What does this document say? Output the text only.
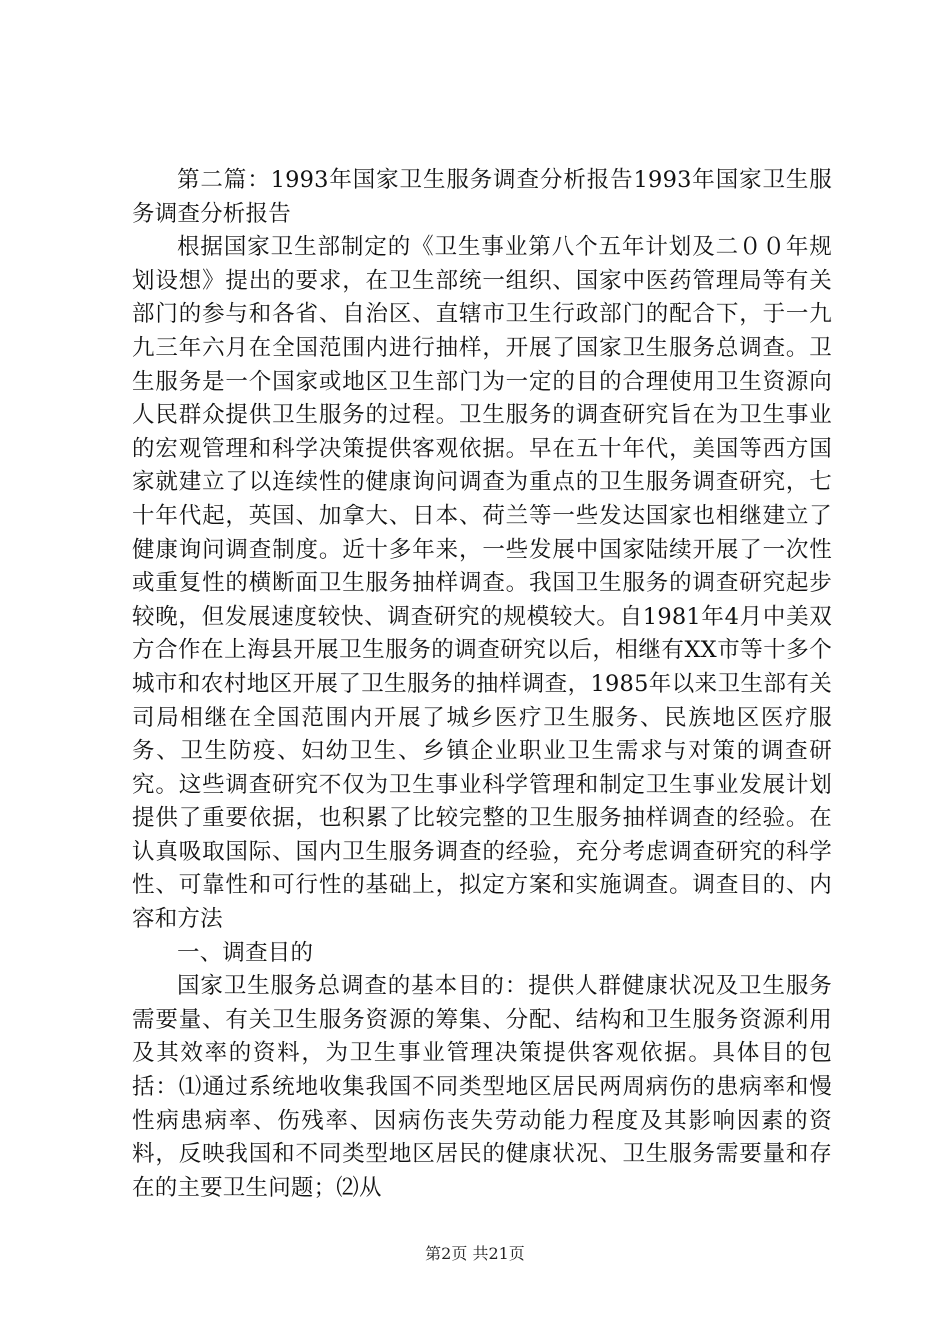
第二篇：1993年国家卫生服务调查分析报告1993年国家卫生服务调查分析报告

根据国家卫生部制定的《卫生事业第八个五年计划及二００年规划设想》提出的要求，在卫生部统一组织、国家中医药管理局等有关部门的参与和各省、自治区、直辖市卫生行政部门的配合下，于一九九三年六月在全国范围内进行抽样，开展了国家卫生服务总调查。卫生服务是一个国家或地区卫生部门为一定的目的合理使用卫生资源向人民群众提供卫生服务的过程。卫生服务的调查研究旨在为卫生事业的宏观管理和科学决策提供客观依据。早在五十年代，美国等西方国家就建立了以连续性的健康询问调查为重点的卫生服务调查研究，七十年代起，英国、加拿大、日本、荷兰等一些发达国家也相继建立了健康询问调查制度。近十多年来，一些发展中国家陆续开展了一次性或重复性的横断面卫生服务抽样调查。我国卫生服务的调查研究起步较晚，但发展速度较快、调查研究的规模较大。自1981年4月中美双方合作在上海县开展卫生服务的调查研究以后，相继有XX市等十多个城市和农村地区开展了卫生服务的抽样调查，1985年以来卫生部有关司局相继在全国范围内开展了城乡医疗卫生服务、民族地区医疗服务、卫生防疫、妇幼卫生、乡镇企业职业卫生需求与对策的调查研究。这些调查研究不仅为卫生事业科学管理和制定卫生事业发展计划提供了重要依据，也积累了比较完整的卫生服务抽样调查的经验。在认真吸取国际、国内卫生服务调查的经验，充分考虑调查研究的科学性、可靠性和可行性的基础上，拟定方案和实施调查。调查目的、内容和方法

一、调查目的

国家卫生服务总调查的基本目的：提供人群健康状况及卫生服务需要量、有关卫生服务资源的筹集、分配、结构和卫生服务资源利用及其效率的资料，为卫生事业管理决策提供客观依据。具体目的包括：⑴通过系统地收集我国不同类型地区居民两周病伤的患病率和慢性病患病率、伤残率、因病伤丧失劳动能力程度及其影响因素的资料，反映我国和不同类型地区居民的健康状况、卫生服务需要量和存在的主要卫生问题；⑵从

第2页 共21页
